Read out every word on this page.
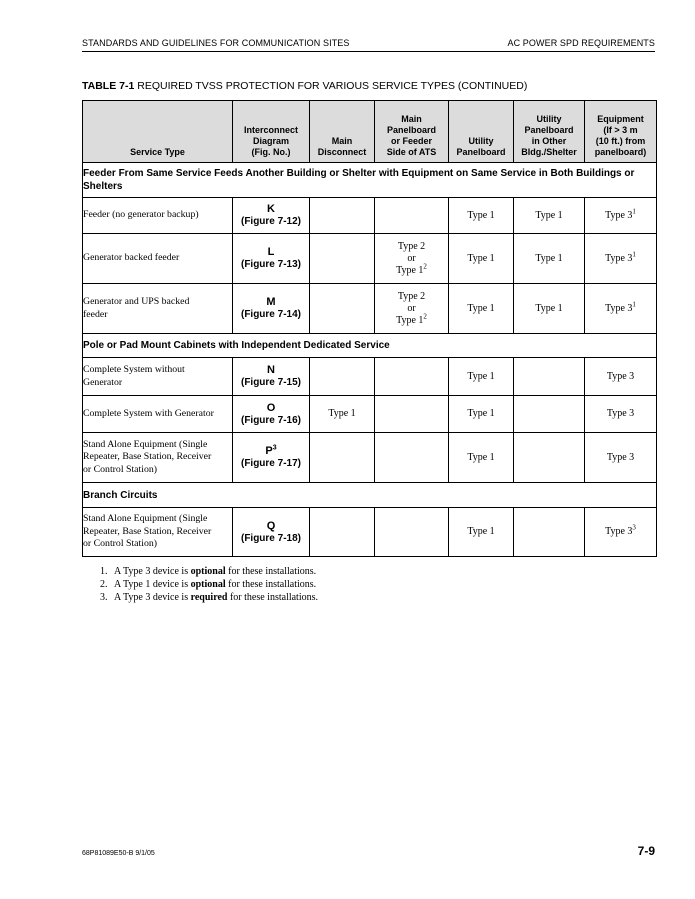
STANDARDS AND GUIDELINES FOR COMMUNICATION SITES	AC POWER SPD REQUIREMENTS
TABLE 7-1 REQUIRED TVSS PROTECTION FOR VARIOUS SERVICE TYPES (CONTINUED)
Service Type	Interconnect
Diagram
(Fig. No.)	Main
Disconnect	Main
Panelboard
or Feeder
Side of ATS	Utility
Panelboard	Utility
Panelboard
in Other
Bldg./Shelter	Equipment
(If > 3 m
(10 ft.) from
panelboard)
Feeder From Same Service Feeds Another Building or Shelter with Equipment on Same Service in Both Buildings or Shelters						
Feeder (no generator backup)	K
(Figure 7-12)			Type 1	Type 1	Type $3^1$
Generator backed feeder	L
(Figure 7-13)		Type 2
or
Type $1^2$	Type 1	Type 1	Type $3^1$
Generator and UPS backed
feeder	M
(Figure 7-14)		Type 2
or
Type $1^2$	Type 1	Type 1	Type $3^1$
Pole or Pad Mount Cabinets with Independent Dedicated Service						
Complete System without
Generator	N
(Figure 7-15)			Type 1		Type 3
Complete System with Generator	O
(Figure 7-16)	Type 1		Type 1		Type 3
Stand Alone Equipment (Single
Repeater, Base Station, Receiver
or Control Station)	$P^3$
(Figure 7-17)			Type 1		Type 3
Branch Circuits						
Stand Alone Equipment (Single
Repeater, Base Station, Receiver
or Control Station)	Q
(Figure 7-18)			Type 1		Type $3^3$
1. A Type 3 device is optional for these installations.
2. A Type 1 device is optional for these installations.
3. A Type 3 device is required for these installations.
68P81089E50-B 9/1/05	7-9
